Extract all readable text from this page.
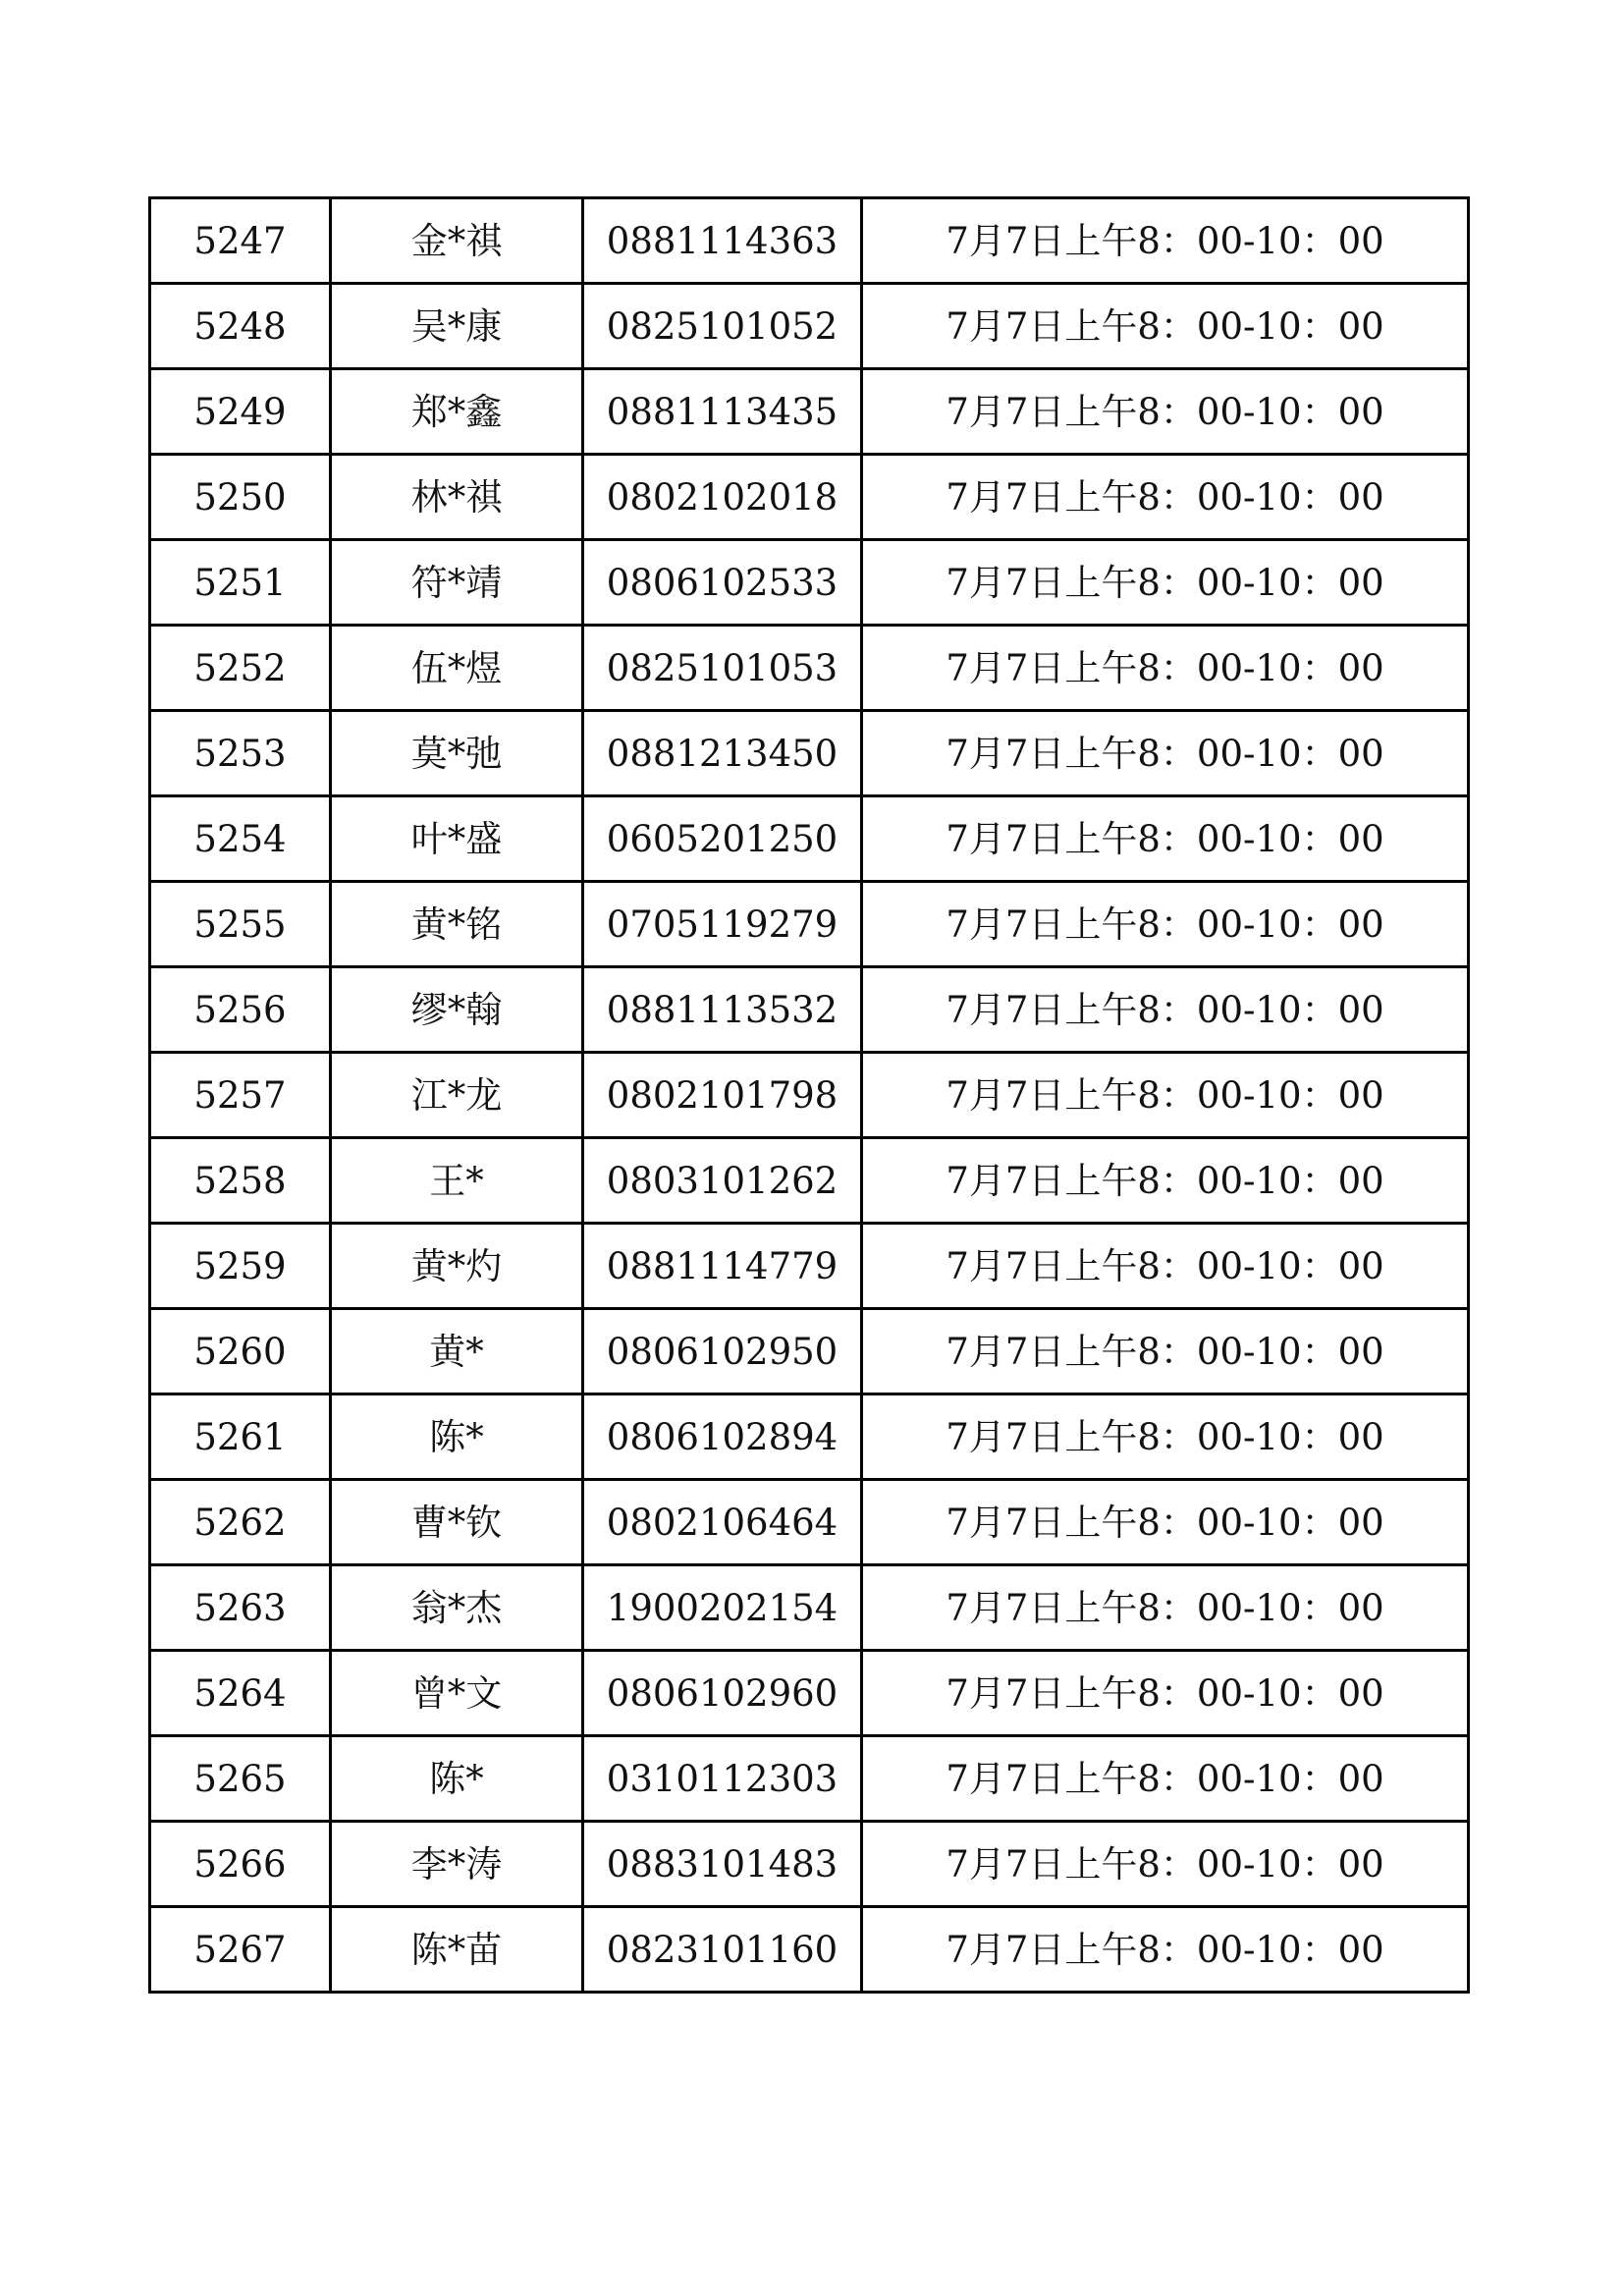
5247	金*祺	0881114363	7月7日上午8：00-10：00
5248	吴*康	0825101052	7月7日上午8：00-10：00
5249	郑*鑫	0881113435	7月7日上午8：00-10：00
5250	林*祺	0802102018	7月7日上午8：00-10：00
5251	符*靖	0806102533	7月7日上午8：00-10：00
5252	伍*煜	0825101053	7月7日上午8：00-10：00
5253	莫*弛	0881213450	7月7日上午8：00-10：00
5254	叶*盛	0605201250	7月7日上午8：00-10：00
5255	黄*铭	0705119279	7月7日上午8：00-10：00
5256	缪*翰	0881113532	7月7日上午8：00-10：00
5257	江*龙	0802101798	7月7日上午8：00-10：00
5258	王*	0803101262	7月7日上午8：00-10：00
5259	黄*灼	0881114779	7月7日上午8：00-10：00
5260	黄*	0806102950	7月7日上午8：00-10：00
5261	陈*	0806102894	7月7日上午8：00-10：00
5262	曹*钦	0802106464	7月7日上午8：00-10：00
5263	翁*杰	1900202154	7月7日上午8：00-10：00
5264	曾*文	0806102960	7月7日上午8：00-10：00
5265	陈*	0310112303	7月7日上午8：00-10：00
5266	李*涛	0883101483	7月7日上午8：00-10：00
5267	陈*苗	0823101160	7月7日上午8：00-10：00
